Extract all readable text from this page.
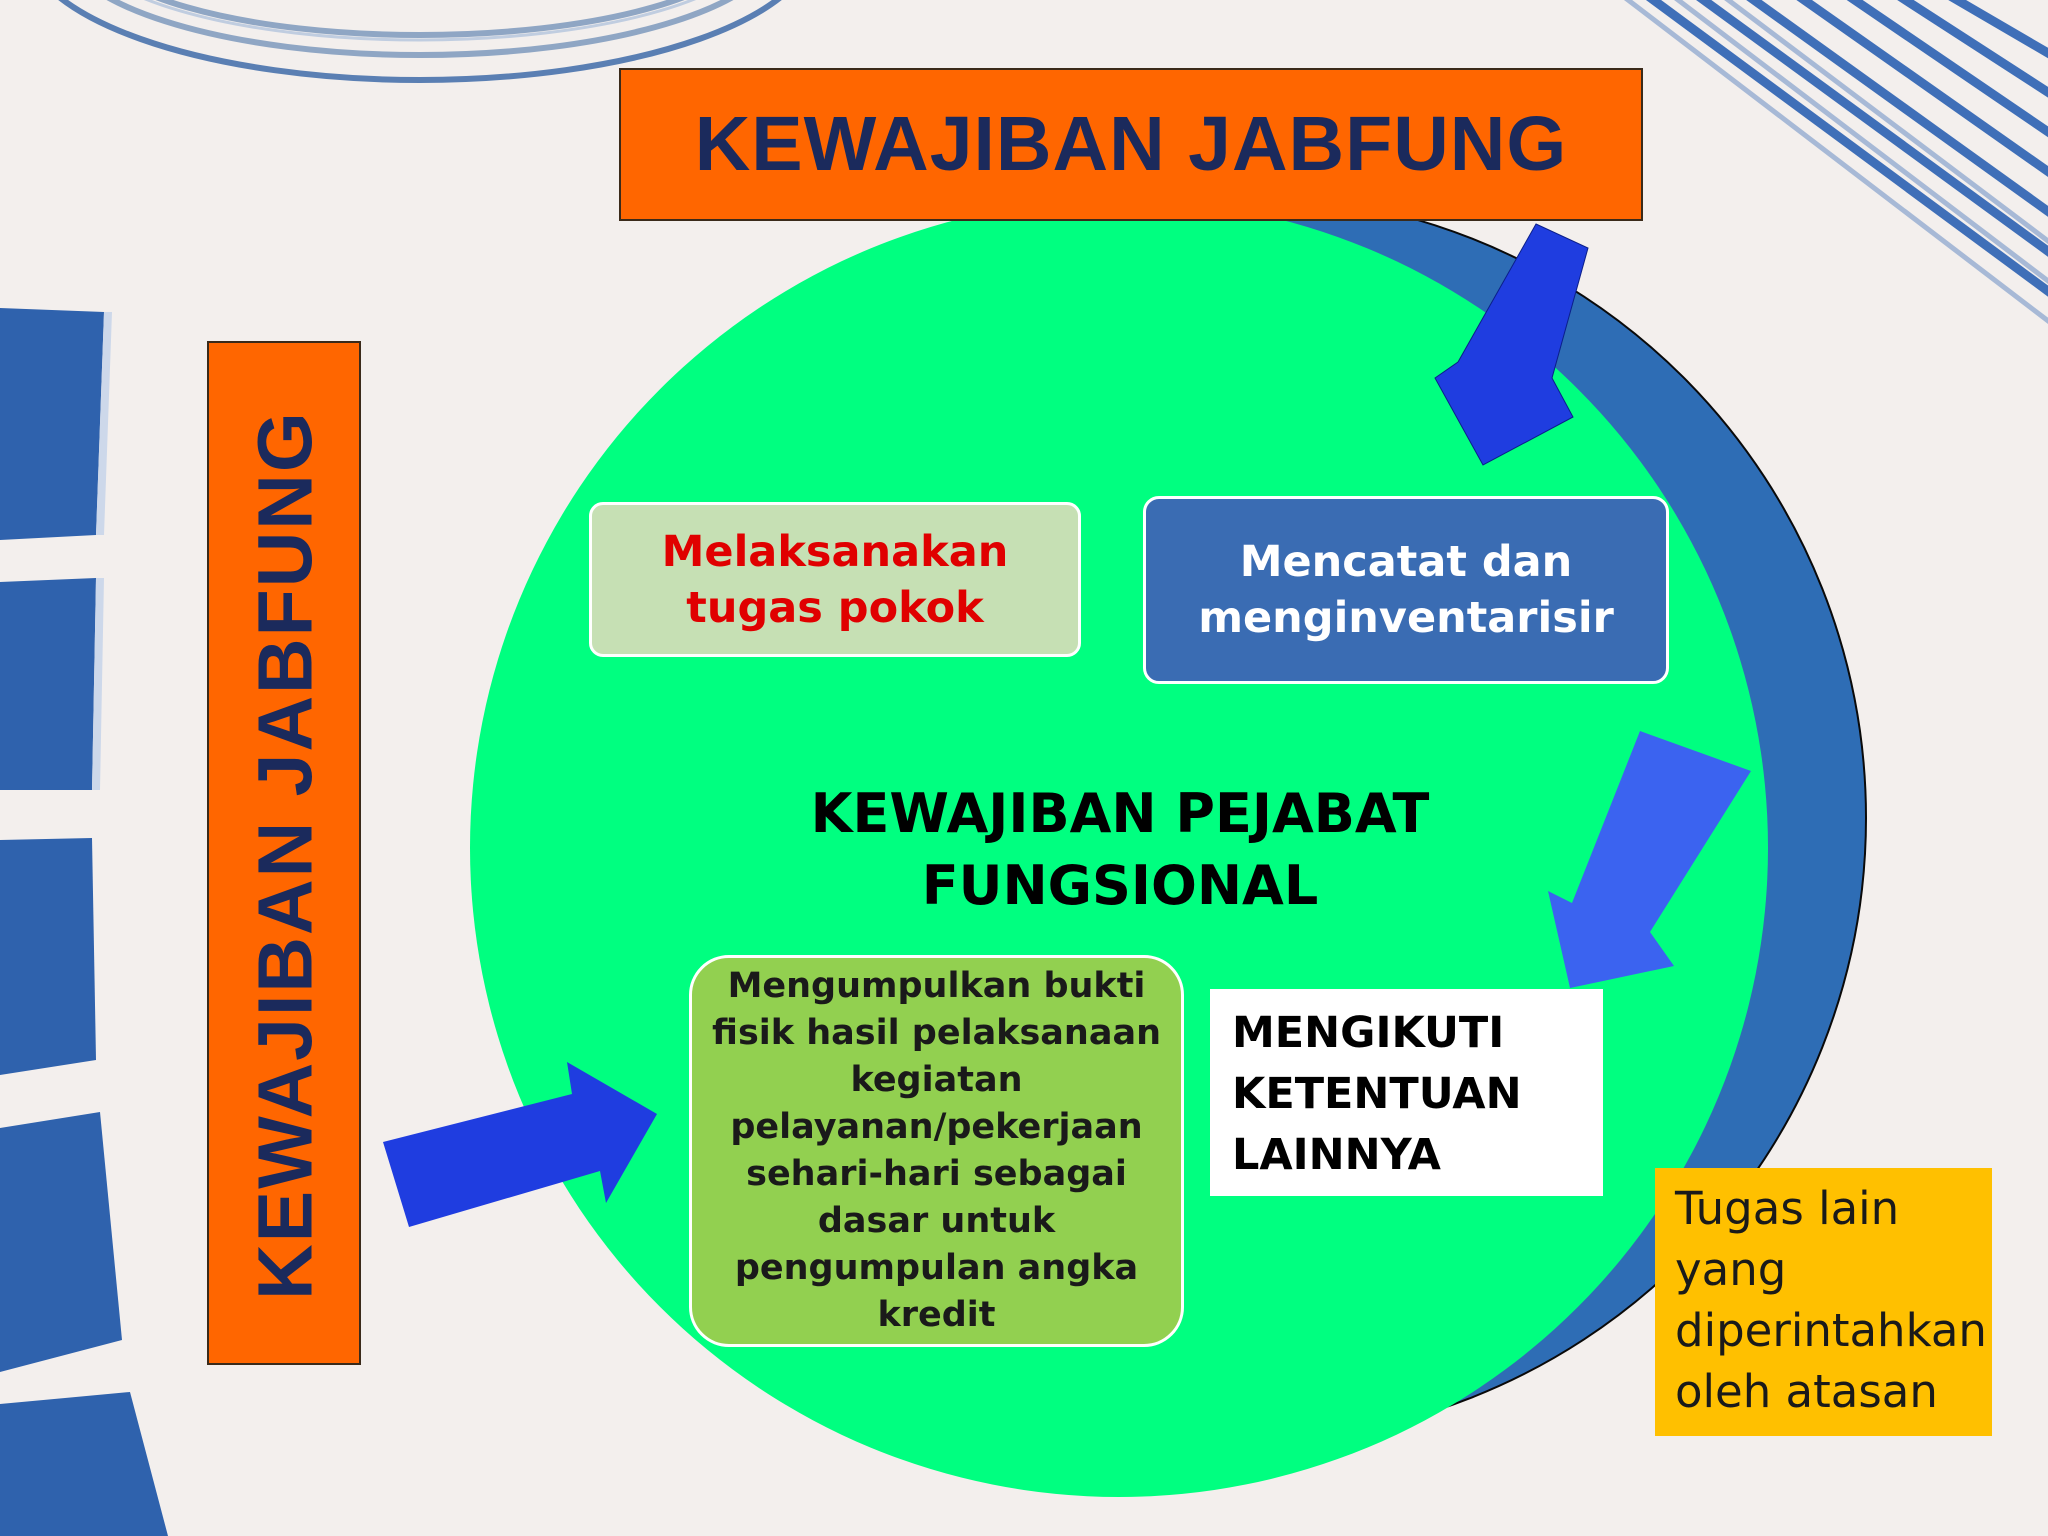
KEWAJIBAN JABFUNG
KEWAJIBAN JABFUNG	Melaksanakan tugas pokok
Mencatat dan menginventarisir
KEWAJIBAN PEJABAT FUNGSIONAL
Mengumpulkan bukti fisik hasil pelaksanaan kegiatan pelayanan/pekerjaan sehari-hari sebagai dasar untuk pengumpulan angka kredit
MENGIKUTI
KETENTUAN
LAINNYA
Tugas lain
yang
diperintahkan
oleh atasan
